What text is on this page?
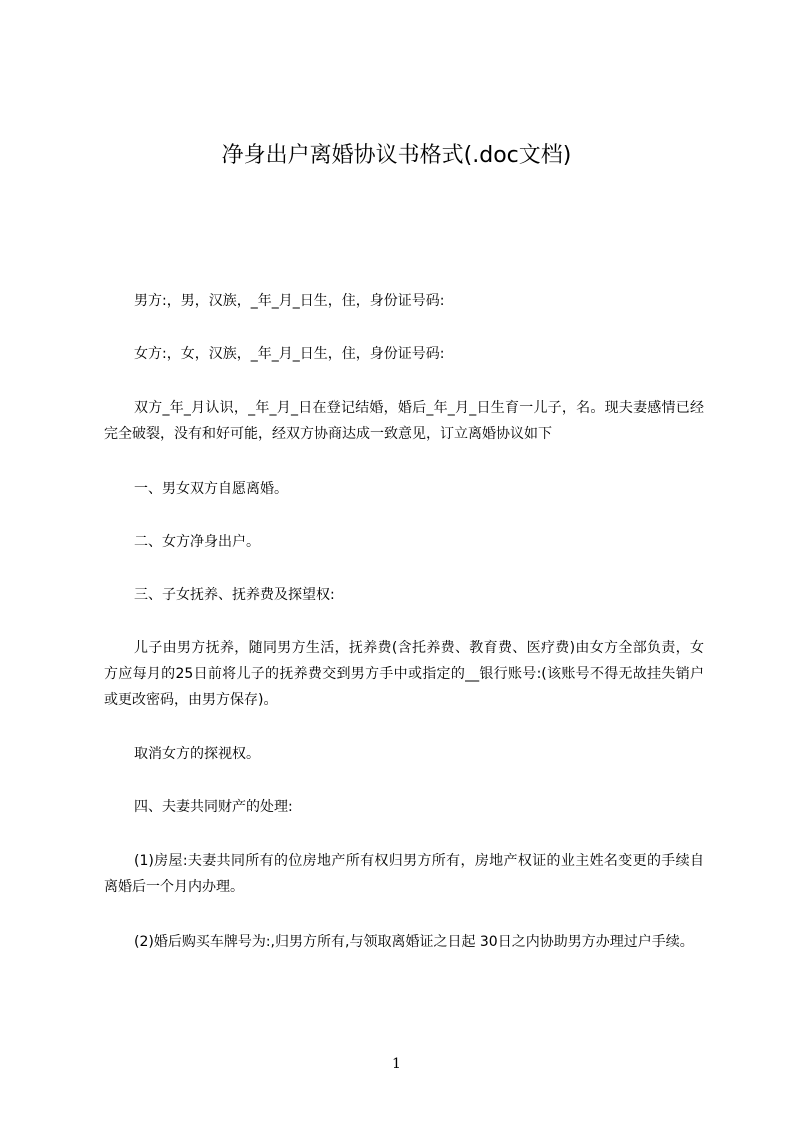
净身出户离婚协议书格式(.doc文档)

男方:，男，汉族，_年_月_日生，住，身份证号码:

女方:，女，汉族，_年_月_日生，住，身份证号码:

双方_年_月认识，_年_月_日在登记结婚，婚后_年_月_日生育一儿子，名。现夫妻感情已经完全破裂，没有和好可能，经双方协商达成一致意见，订立离婚协议如下

一、男女双方自愿离婚。

二、女方净身出户。

三、子女抚养、抚养费及探望权:

儿子由男方抚养，随同男方生活，抚养费(含托养费、教育费、医疗费)由女方全部负责，女方应每月的25日前将儿子的抚养费交到男方手中或指定的__银行账号:(该账号不得无故挂失销户或更改密码，由男方保存)。

取消女方的探视权。

四、夫妻共同财产的处理:

(1)房屋:夫妻共同所有的位房地产所有权归男方所有，房地产权证的业主姓名变更的手续自离婚后一个月内办理。

(2)婚后购买车牌号为:,归男方所有,与领取离婚证之日起 30日之内协助男方办理过户手续。

1
